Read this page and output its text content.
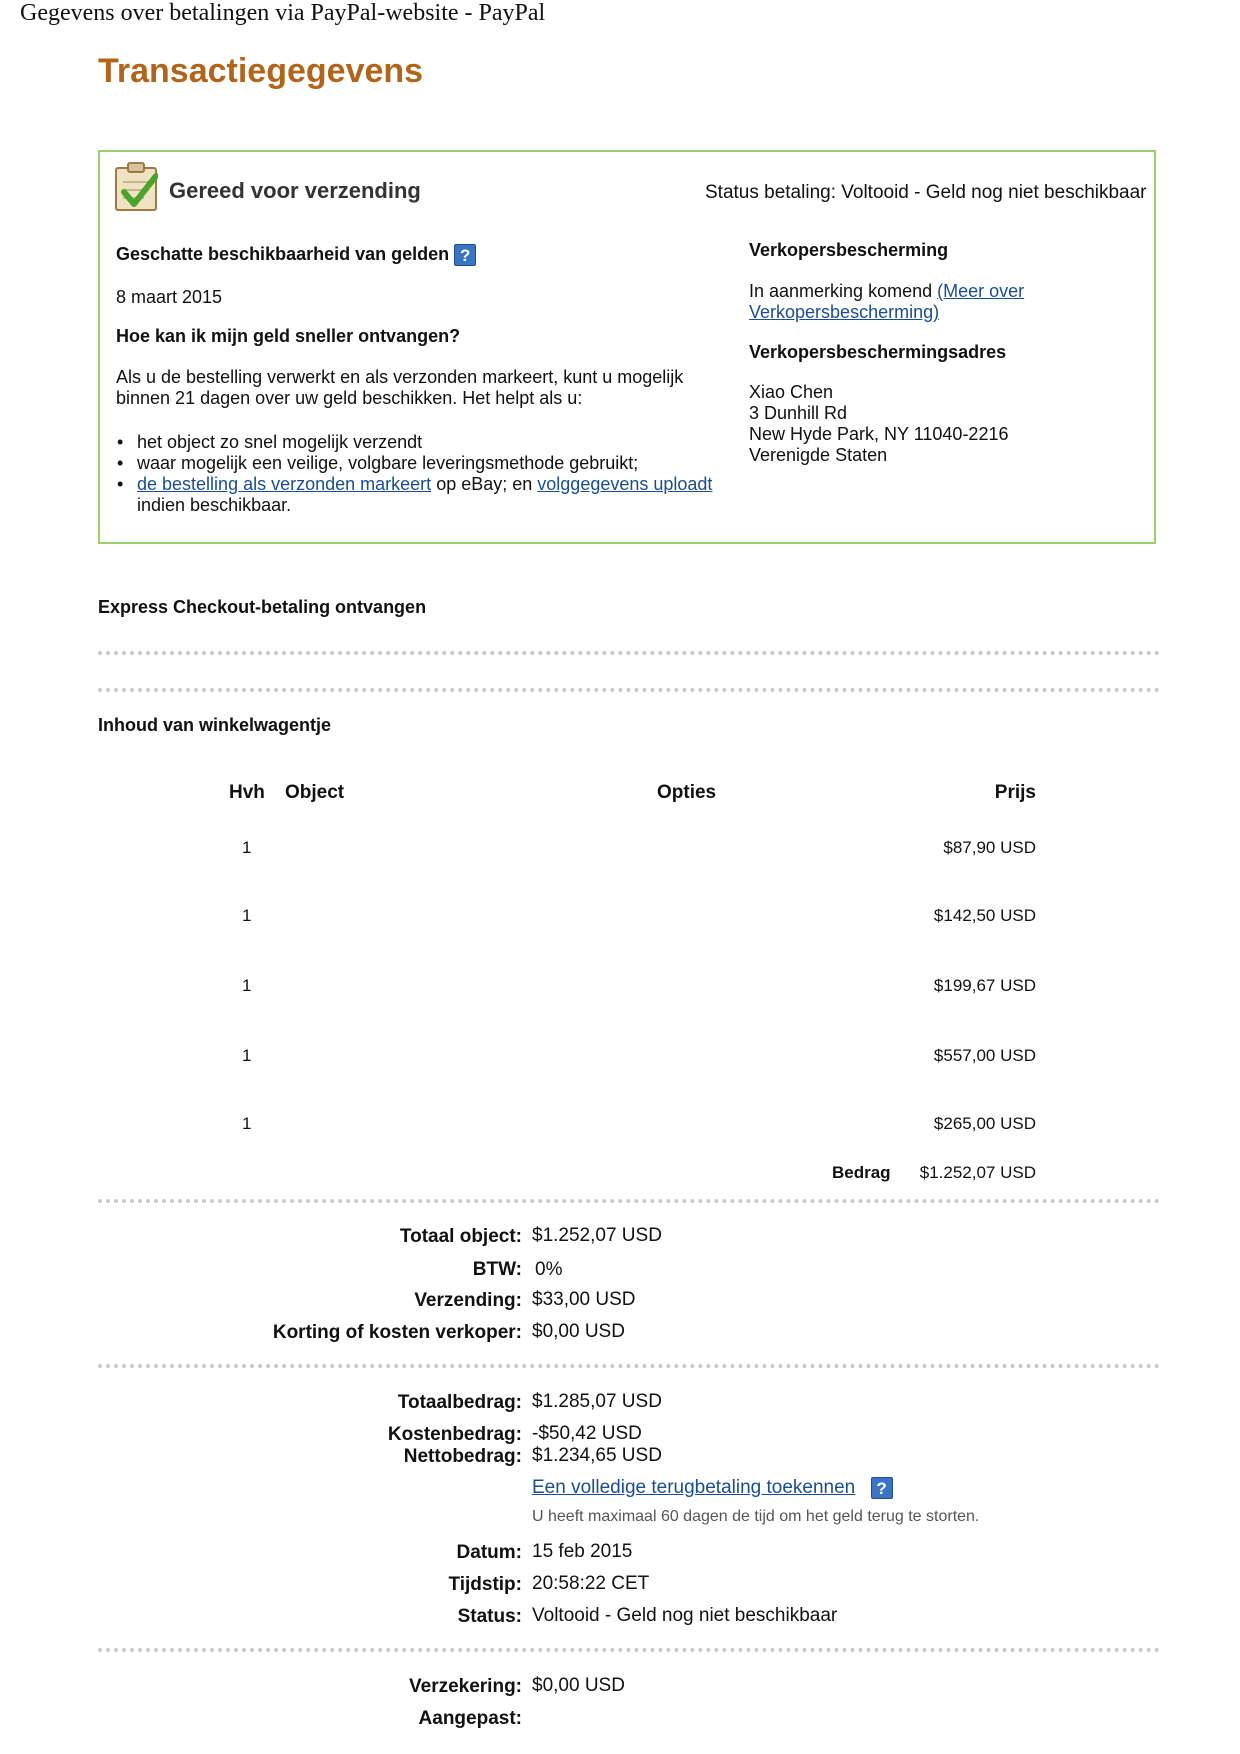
Gegevens over betalingen via PayPal-website - PayPal
Transactiegegevens
Gereed voor verzending	Status betaling: Voltooid - Geld nog niet beschikbaar
Geschatte beschikbaarheid van gelden ?
8 maart 2015
Hoe kan ik mijn geld sneller ontvangen?
Als u de bestelling verwerkt en als verzonden markeert, kunt u mogelijk binnen 21 dagen over uw geld beschikken. Het helpt als u:
• het object zo snel mogelijk verzendt
• waar mogelijk een veilige, volgbare leveringsmethode gebruikt;
• de bestelling als verzonden markeert op eBay; en volggegevens uploadt indien beschikbaar.
Verkopersbescherming
In aanmerking komend (Meer over Verkopersbescherming)
Verkopersbeschermingsadres
Xiao Chen
3 Dunhill Rd
New Hyde Park, NY 11040-2216
Verenigde Staten
Express Checkout-betaling ontvangen
Inhoud van winkelwagentje
Hvh Object	Opties	Prijs
1	$87,90 USD
1	$142,50 USD
1	$199,67 USD
1	$557,00 USD
1	$265,00 USD
Bedrag $1.252,07 USD
Totaal object: $1.252,07 USD
BTW: 0%
Verzending: $33,00 USD
Korting of kosten verkoper: $0,00 USD
Totaalbedrag: $1.285,07 USD
Kostenbedrag: -$50,42 USD
Nettobedrag: $1.234,65 USD
Een volledige terugbetaling toekennen ?
U heeft maximaal 60 dagen de tijd om het geld terug te storten.
Datum: 15 feb 2015
Tijdstip: 20:58:22 CET
Status: Voltooid - Geld nog niet beschikbaar
Verzekering: $0,00 USD
Aangepast:
